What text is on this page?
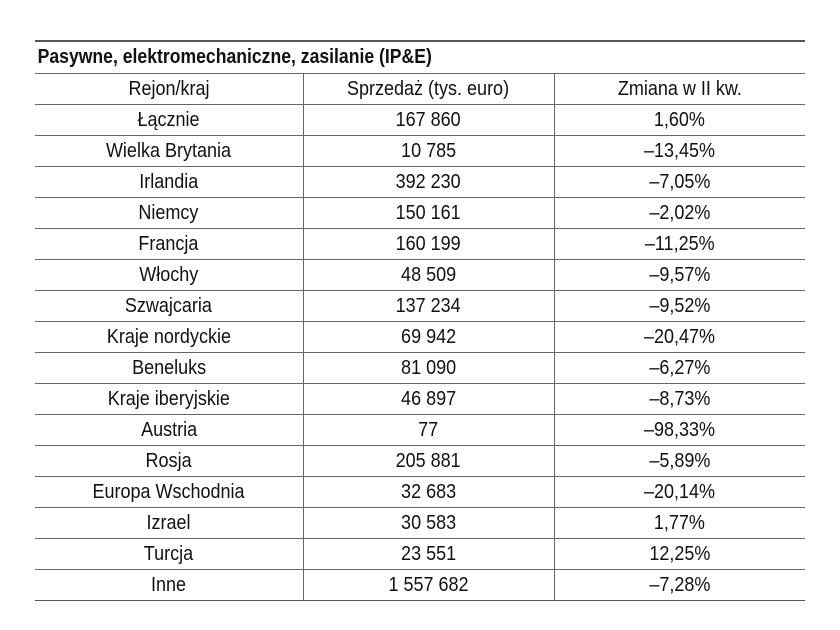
Pasywne, elektromechaniczne, zasilanie (IP&E)
Rejon/kraj	Sprzedaż (tys. euro)	Zmiana w II kw.
Łącznie	167 860	1,60%
Wielka Brytania	10 785	–13,45%
Irlandia	392 230	–7,05%
Niemcy	150 161	–2,02%
Francja	160 199	–11,25%
Włochy	48 509	–9,57%
Szwajcaria	137 234	–9,52%
Kraje nordyckie	69 942	–20,47%
Beneluks	81 090	–6,27%
Kraje iberyjskie	46 897	–8,73%
Austria	77	–98,33%
Rosja	205 881	–5,89%
Europa Wschodnia	32 683	–20,14%
Izrael	30 583	1,77%
Turcja	23 551	12,25%
Inne	1 557 682	–7,28%
